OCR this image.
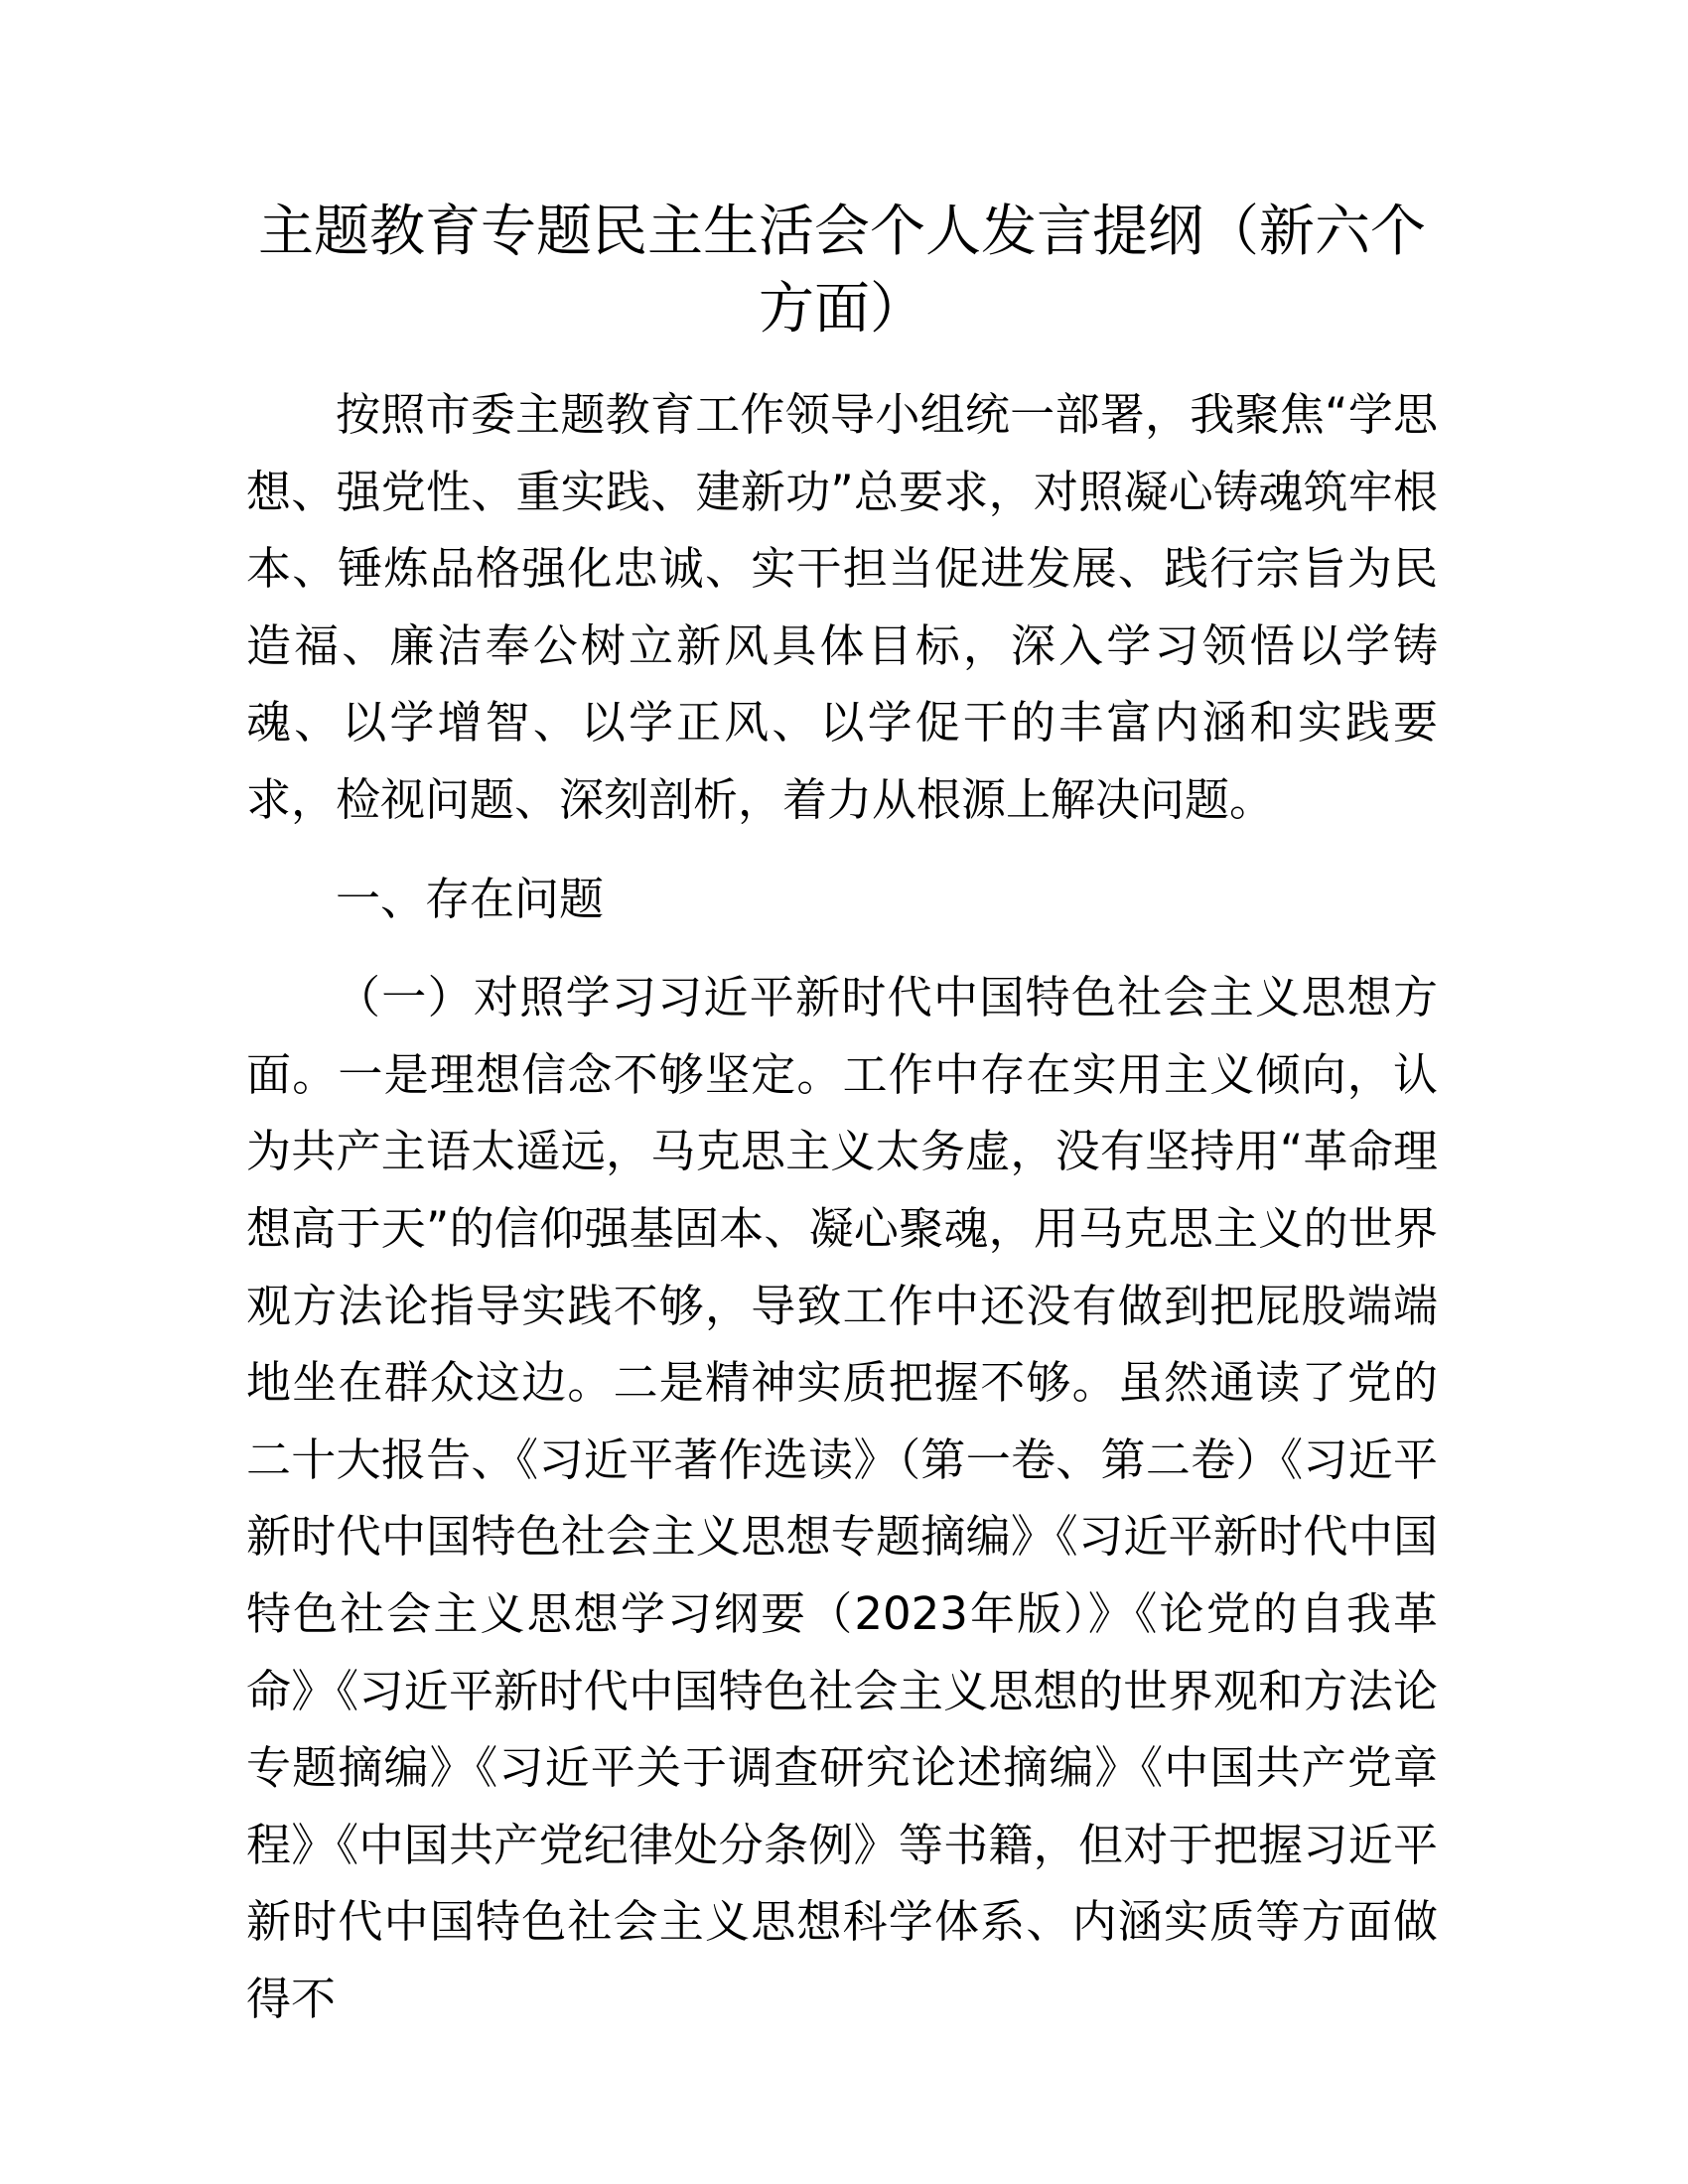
主题教育专题民主生活会个人发言提纲（新六个方面）

按照市委主题教育工作领导小组统一部署，我聚焦“学思想、强党性、重实践、建新功”总要求，对照凝心铸魂筑牢根本、锤炼品格强化忠诚、实干担当促进发展、践行宗旨为民造福、廉洁奉公树立新风具体目标，深入学习领悟以学铸魂、以学增智、以学正风、以学促干的丰富内涵和实践要求，检视问题、深刻剖析，着力从根源上解决问题。

一、存在问题

（一）对照学习习近平新时代中国特色社会主义思想方面。一是理想信念不够坚定。工作中存在实用主义倾向，认为共产主语太遥远，马克思主义太务虚，没有坚持用“革命理想高于天”的信仰强基固本、凝心聚魂，用马克思主义的世界观方法论指导实践不够，导致工作中还没有做到把屁股端端地坐在群众这边。二是精神实质把握不够。虽然通读了党的二十大报告、《习近平著作选读》（第一卷、第二卷）《习近平新时代中国特色社会主义思想专题摘编》《习近平新时代中国特色社会主义思想学习纲要（2023年版）》《论党的自我革命》《习近平新时代中国特色社会主义思想的世界观和方法论专题摘编》《习近平关于调查研究论述摘编》《中国共产党章程》《中国共产党纪律处分条例》等书籍，但对于把握习近平新时代中国特色社会主义思想科学体系、内涵实质等方面做得不
